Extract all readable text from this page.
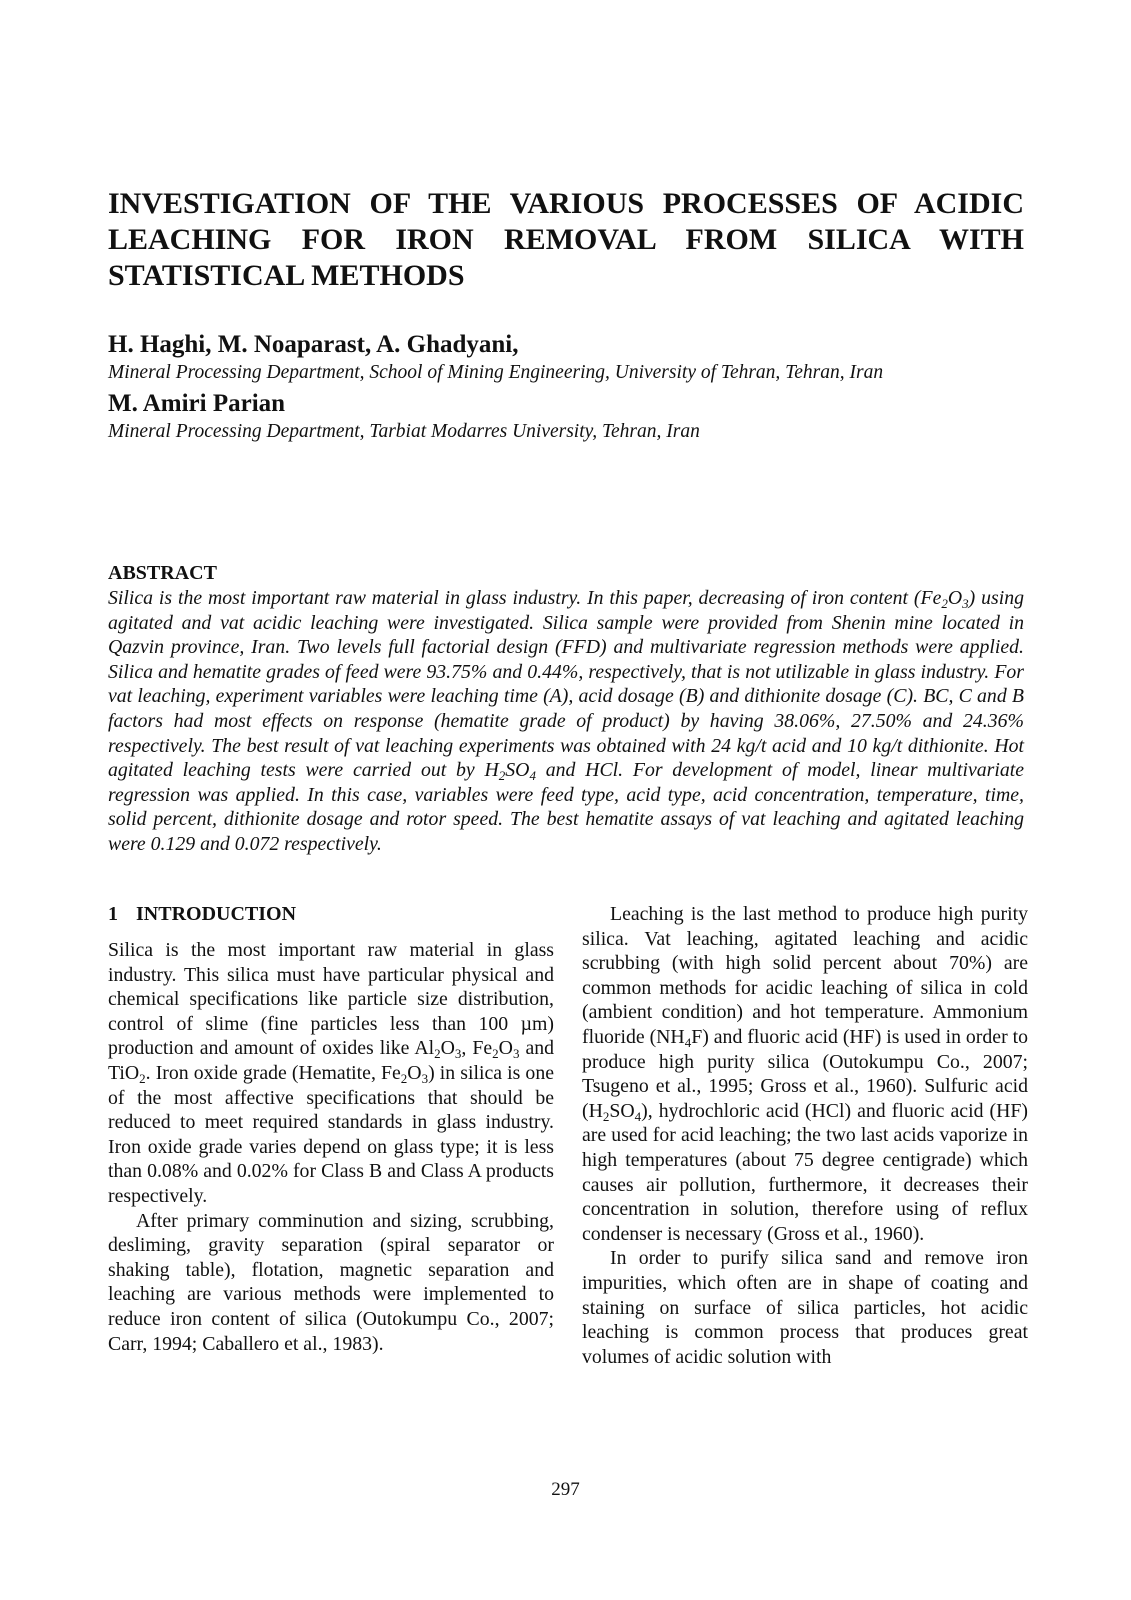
INVESTIGATION OF THE VARIOUS PROCESSES OF ACIDIC LEACHING FOR IRON REMOVAL FROM SILICA WITH STATISTICAL METHODS

H. Haghi, M. Noaparast, A. Ghadyani,

Mineral Processing Department, School of Mining Engineering, University of Tehran, Tehran, Iran

M. Amiri Parian

Mineral Processing Department, Tarbiat Modarres University, Tehran, Iran

ABSTRACT

Silica is the most important raw material in glass industry. In this paper, decreasing of iron content $(Fe_2O_3)$ using agitated and vat acidic leaching were investigated. Silica sample were provided from Shenin mine located in Qazvin province, Iran. Two levels full factorial design (FFD) and multivariate regression methods were applied. Silica and hematite grades of feed were 93.75% and 0.44%, respectively, that is not utilizable in glass industry. For vat leaching, experiment variables were leaching time (A), acid dosage (B) and dithionite dosage (C). BC, C and B factors had most effects on response (hematite grade of product) by having 38.06%, 27.50% and 24.36% respectively. The best result of vat leaching experiments was obtained with 24 kg/t acid and 10 kg/t dithionite. Hot agitated leaching tests were carried out by $H_2SO_4$ and HCl. For development of model, linear multivariate regression was applied. In this case, variables were feed type, acid type, acid concentration, temperature, time, solid percent, dithionite dosage and rotor speed. The best hematite assays of vat leaching and agitated leaching were 0.129 and 0.072 respectively.

1 INTRODUCTION

Silica is the most important raw material in glass industry. This silica must have particular physical and chemical specifications like particle size distribution, control of slime (fine particles less than 100 µm) production and amount of oxides like $Al_2O_3$, $Fe_2O_3$ and TiO$_2$. Iron oxide grade (Hematite, $Fe_2O_3$) in silica is one of the most affective specifications that should be reduced to meet required standards in glass industry. Iron oxide grade varies depend on glass type; it is less than 0.08% and 0.02% for Class B and Class A products respectively.

After primary comminution and sizing, scrubbing, desliming, gravity separation (spiral separator or shaking table), flotation, magnetic separation and leaching are various methods were implemented to reduce iron content of silica (Outokumpu Co., 2007; Carr, 1994; Caballero et al., 1983).

Leaching is the last method to produce high purity silica. Vat leaching, agitated leaching and acidic scrubbing (with high solid percent about 70%) are common methods for acidic leaching of silica in cold (ambient condition) and hot temperature. Ammonium fluoride $(NH_4F)$ and fluoric acid (HF) is used in order to produce high purity silica (Outokumpu Co., 2007; Tsugeno et al., 1995; Gross et al., 1960). Sulfuric acid $(H_2SO_4)$, hydrochloric acid (HCl) and fluoric acid (HF) are used for acid leaching; the two last acids vaporize in high temperatures (about 75 degree centigrade) which causes air pollution, furthermore, it decreases their concentration in solution, therefore using of reflux condenser is necessary (Gross et al., 1960).

In order to purify silica sand and remove iron impurities, which often are in shape of coating and staining on surface of silica particles, hot acidic leaching is common process that produces great volumes of acidic solution with

297
